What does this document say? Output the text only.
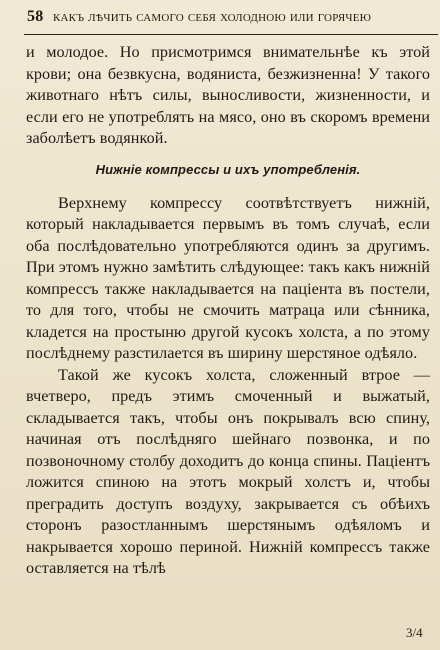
58 какъ лѣчить самого себя холодною или горячею

и молодое. Но присмотримся внимательнѣе къ этой крови; она безвкусна, водяниста, безжизненна! У такого животнаго нѣтъ силы, выносливости, жизненности, и если его не употреблять на мясо, оно въ скоромъ времени заболѣетъ водянкой.

Нижніе компрессы и ихъ употребленія.

Верхнему компрессу соотвѣтствуетъ нижній, который накладывается первымъ въ томъ случаѣ, если оба послѣдовательно употребляются одинъ за другимъ. При этомъ нужно замѣтить слѣдующее: такъ какъ нижній компрессъ также накладывается на пацiента въ постели, то для того, чтобы не смочить матраца или сѣнника, кладется на простыню другой кусокъ холста, а по этому послѣднему разстилается въ ширину шерстяное одѣяло.

Такой же кусокъ холста, сложенный втрое — вчетверо, предъ этимъ смоченный и выжатый, складывается такъ, чтобы онъ покрывалъ всю спину, начиная отъ послѣдняго шейнаго позвонка, и по позвоночному столбу доходитъ до конца спины. Пацiентъ ложится спиною на этотъ мокрый холстъ и, чтобы преградить доступъ воздуху, закрывается съ обѣихъ сторонъ разостланнымъ шерстянымъ одѣяломъ и накрывается хорошо периной. Нижній компрессъ также оставляется на тѣлѣ

3/4
